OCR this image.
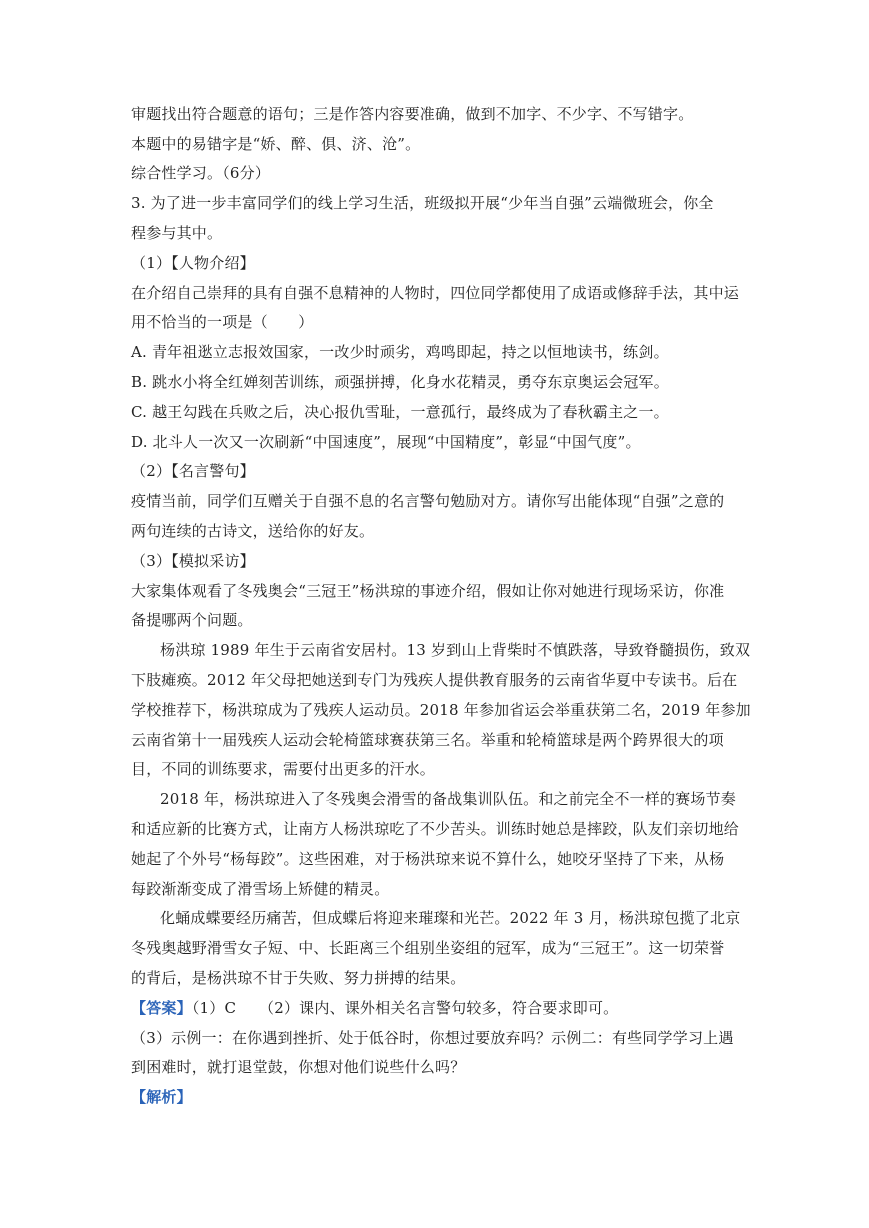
审题找出符合题意的语句；三是作答内容要准确，做到不加字、不少字、不写错字。
本题中的易错字是“娇、醉、俱、济、沧”。
综合性学习。（6分）
3. 为了进一步丰富同学们的线上学习生活，班级拟开展“少年当自强”云端微班会，你全
程参与其中。
（1）【人物介绍】
在介绍自己崇拜的具有自强不息精神的人物时，四位同学都使用了成语或修辞手法，其中运
用不恰当的一项是（　　）
A. 青年祖逖立志报效国家，一改少时顽劣，鸡鸣即起，持之以恒地读书，练剑。
B. 跳水小将全红婵刻苦训练，顽强拼搏，化身水花精灵，勇夺东京奥运会冠军。
C. 越王勾践在兵败之后，决心报仇雪耻，一意孤行，最终成为了春秋霸主之一。
D. 北斗人一次又一次刷新“中国速度”，展现“中国精度”，彰显“中国气度”。
（2）【名言警句】
疫情当前，同学们互赠关于自强不息的名言警句勉励对方。请你写出能体现“自强”之意的
两句连续的古诗文，送给你的好友。
（3）【模拟采访】
大家集体观看了冬残奥会“三冠王”杨洪琼的事迹介绍，假如让你对她进行现场采访，你准
备提哪两个问题。
杨洪琼 1989 年生于云南省安居村。13 岁到山上背柴时不慎跌落，导致脊髓损伤，致双
下肢瘫痪。2012 年父母把她送到专门为残疾人提供教育服务的云南省华夏中专读书。后在
学校推荐下，杨洪琼成为了残疾人运动员。2018 年参加省运会举重获第二名，2019 年参加
云南省第十一届残疾人运动会轮椅篮球赛获第三名。举重和轮椅篮球是两个跨界很大的项
目，不同的训练要求，需要付出更多的汗水。
2018 年，杨洪琼进入了冬残奥会滑雪的备战集训队伍。和之前完全不一样的赛场节奏
和适应新的比赛方式，让南方人杨洪琼吃了不少苦头。训练时她总是摔跤，队友们亲切地给
她起了个外号“杨每跤”。这些困难，对于杨洪琼来说不算什么，她咬牙坚持了下来，从杨
每跤渐渐变成了滑雪场上矫健的精灵。
化蛹成蝶要经历痛苦，但成蝶后将迎来璀璨和光芒。2022 年 3 月，杨洪琼包揽了北京
冬残奥越野滑雪女子短、中、长距离三个组别坐姿组的冠军，成为“三冠王”。这一切荣誉
的背后，是杨洪琼不甘于失败、努力拼搏的结果。
【答案】（1）C　　（2）课内、课外相关名言警句较多，符合要求即可。
（3）示例一：在你遇到挫折、处于低谷时，你想过要放弃吗？示例二：有些同学学习上遇
到困难时，就打退堂鼓，你想对他们说些什么吗？
【解析】
